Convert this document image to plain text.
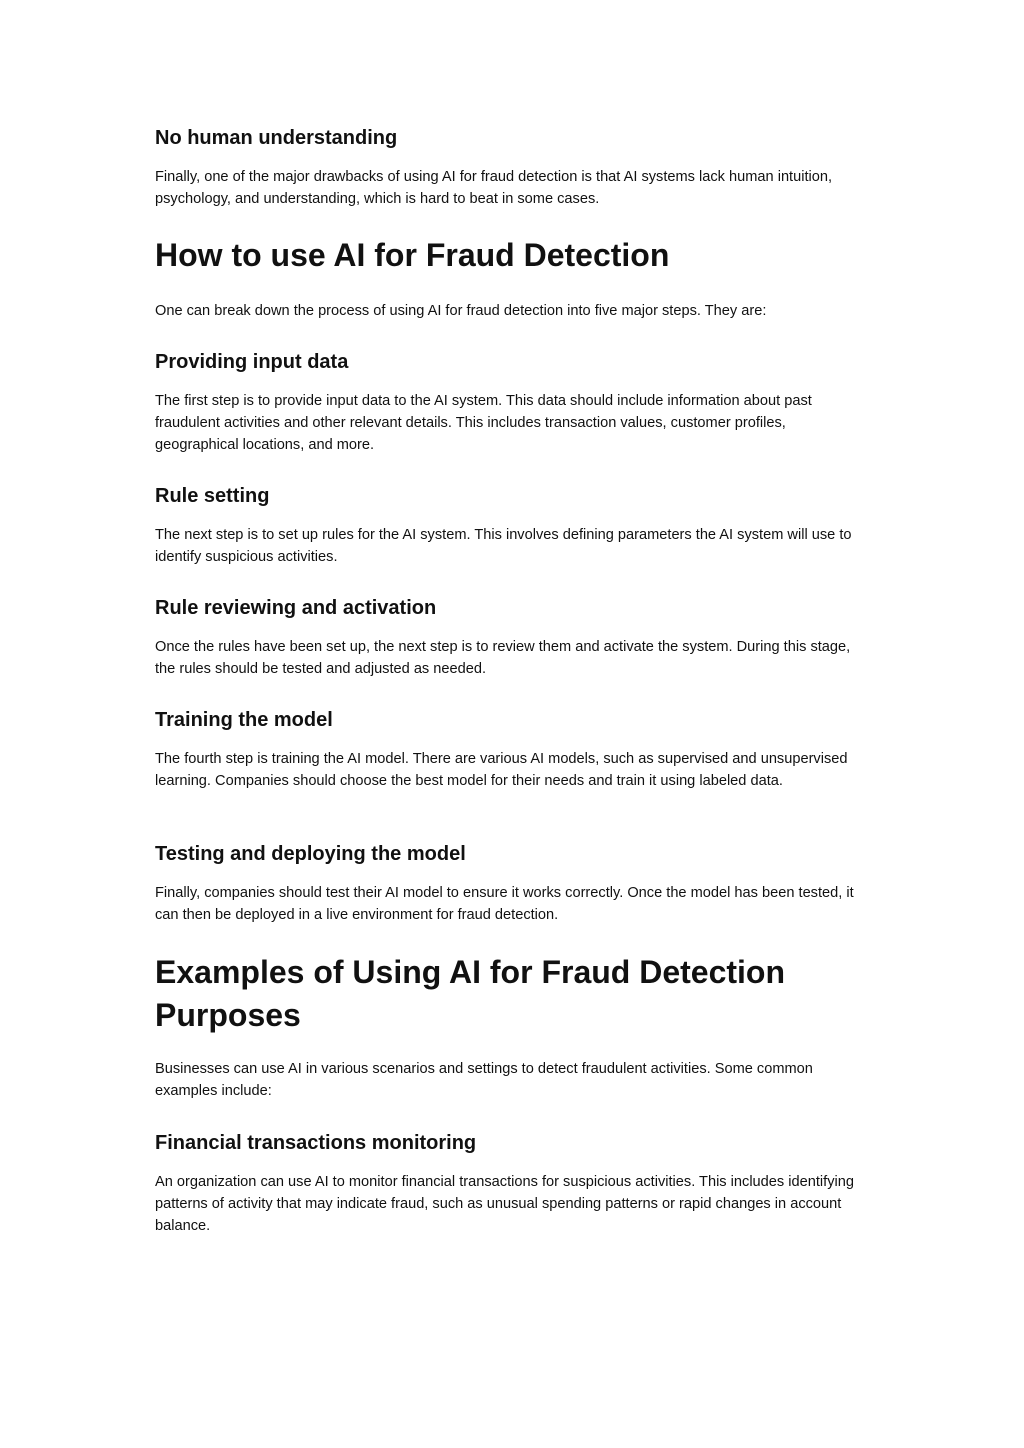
No human understanding

Finally, one of the major drawbacks of using AI for fraud detection is that AI systems lack human intuition, psychology, and understanding, which is hard to beat in some cases.

How to use AI for Fraud Detection

One can break down the process of using AI for fraud detection into five major steps. They are:

Providing input data

The first step is to provide input data to the AI system. This data should include information about past fraudulent activities and other relevant details. This includes transaction values, customer profiles, geographical locations, and more.

Rule setting

The next step is to set up rules for the AI system. This involves defining parameters the AI system will use to identify suspicious activities.

Rule reviewing and activation

Once the rules have been set up, the next step is to review them and activate the system. During this stage, the rules should be tested and adjusted as needed.

Training the model

The fourth step is training the AI model. There are various AI models, such as supervised and unsupervised learning. Companies should choose the best model for their needs and train it using labeled data.

Testing and deploying the model

Finally, companies should test their AI model to ensure it works correctly. Once the model has been tested, it can then be deployed in a live environment for fraud detection.

Examples of Using AI for Fraud Detection Purposes

Businesses can use AI in various scenarios and settings to detect fraudulent activities. Some common examples include:

Financial transactions monitoring

An organization can use AI to monitor financial transactions for suspicious activities. This includes identifying patterns of activity that may indicate fraud, such as unusual spending patterns or rapid changes in account balance.
